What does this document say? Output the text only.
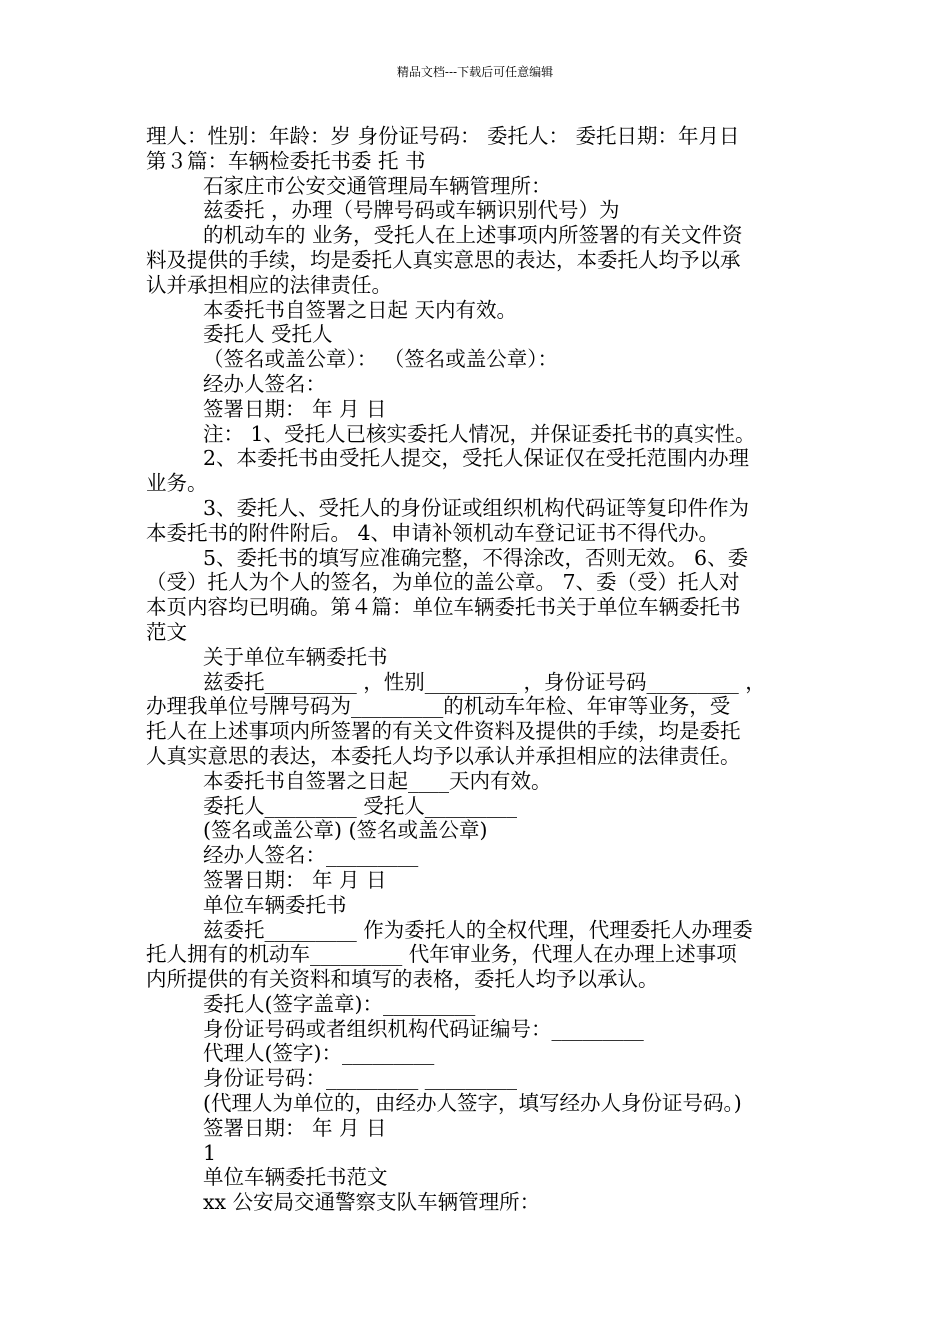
精品文档---下载后可任意编辑
理人：性别：年龄：岁 身份证号码： 委托人： 委托日期：年月日
第３篇：车辆检委托书委 托 书
石家庄市公安交通管理局车辆管理所：
兹委托 ，办理（号牌号码或车辆识别代号）为
的机动车的 业务，受托人在上述事项内所签署的有关文件资
料及提供的手续，均是委托人真实意思的表达，本委托人均予以承
认并承担相应的法律责任。
本委托书自签署之日起 天内有效。
委托人 受托人
（签名或盖公章）： （签名或盖公章）：
经办人签名：
签署日期： 年 月 日
注： 1、受托人已核实委托人情况，并保证委托书的真实性。
2、本委托书由受托人提交，受托人保证仅在受托范围内办理
业务。
3、委托人、受托人的身份证或组织机构代码证等复印件作为
本委托书的附件附后。 4、申请补领机动车登记证书不得代办。
5、委托书的填写应准确完整，不得涂改，否则无效。 6、委
（受）托人为个人的签名，为单位的盖公章。 7、委（受）托人对
本页内容均已明确。第４篇：单位车辆委托书关于单位车辆委托书
范文
关于单位车辆委托书
兹委托_________ ，性别_________ ，身份证号码_________ ，
办理我单位号牌号码为_________的机动车年检、年审等业务，受
托人在上述事项内所签署的有关文件资料及提供的手续，均是委托
人真实意思的表达，本委托人均予以承认并承担相应的法律责任。
本委托书自签署之日起____天内有效。
委托人_________ 受托人_________
(签名或盖公章) (签名或盖公章)
经办人签名：_________
签署日期： 年 月 日
单位车辆委托书
兹委托_________ 作为委托人的全权代理，代理委托人办理委
托人拥有的机动车_________ 代年审业务，代理人在办理上述事项
内所提供的有关资料和填写的表格，委托人均予以承认。
委托人(签字盖章)：_________
身份证号码或者组织机构代码证编号：_________
代理人(签字)：_________
身份证号码：_________ _________
(代理人为单位的，由经办人签字，填写经办人身份证号码。)
签署日期： 年 月 日
1
单位车辆委托书范文
xx 公安局交通警察支队车辆管理所：
